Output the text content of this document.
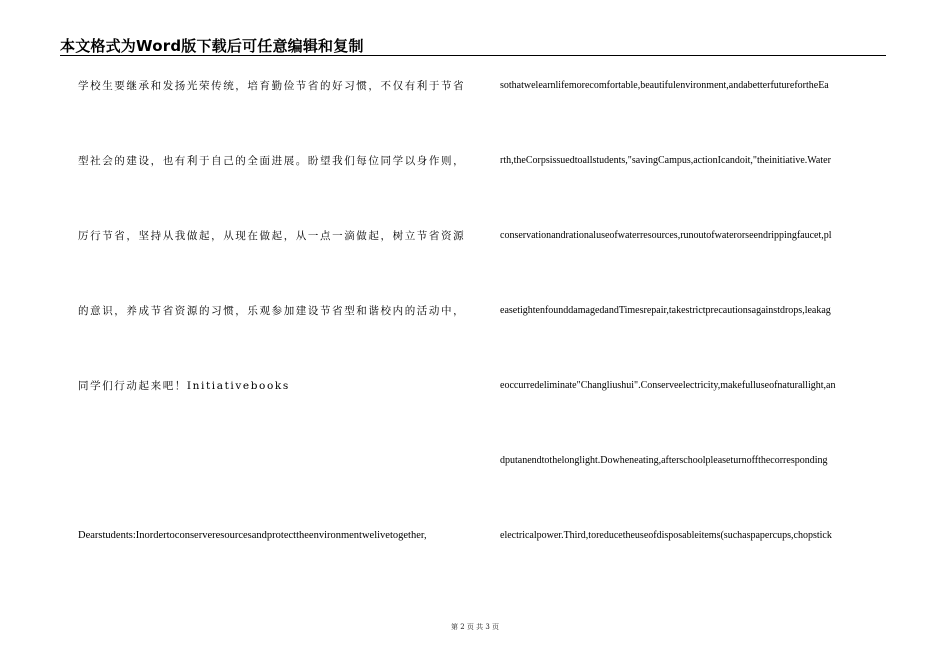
本文格式为Word版下载后可任意编辑和复制
学校生要继承和发扬光荣传统，培育勤俭节省的好习惯，不仅有利于节省
型社会的建设，也有利于自己的全面进展。盼望我们每位同学以身作则，
厉行节省，坚持从我做起，从现在做起，从一点一滴做起，树立节省资源
的意识，养成节省资源的习惯，乐观参加建设节省型和谐校内的活动中，
同学们行动起来吧！Initiativebooks
Dearstudents:Inordertoconserveresourcesandprotecttheenvironmentwelivetogether,
sothatwelearnlifemorecomfortable,beautifulenvironment,andabetterfuturefortheEa
rth,theCorpsissuedtoallstudents,"savingCampus,actionIcandoit,"theinitiative.Water
conservationandrationaluseofwaterresources,runoutofwaterorseendrippingfaucet,pl
easetightenfounddamagedandTimesrepair,takestrictprecautionsagainstdrops,leakag
eoccurredeliminate"Changliushui".Conserveelectricity,makefulluseofnaturallight,an
dputanendtothelonglight.Dowheneating,afterschoolpleaseturnoffthecorresponding
electricalpower.Third,toreducetheuseofdisposableitems(suchaspapercups,chopstick
第 2 页 共 3 页
